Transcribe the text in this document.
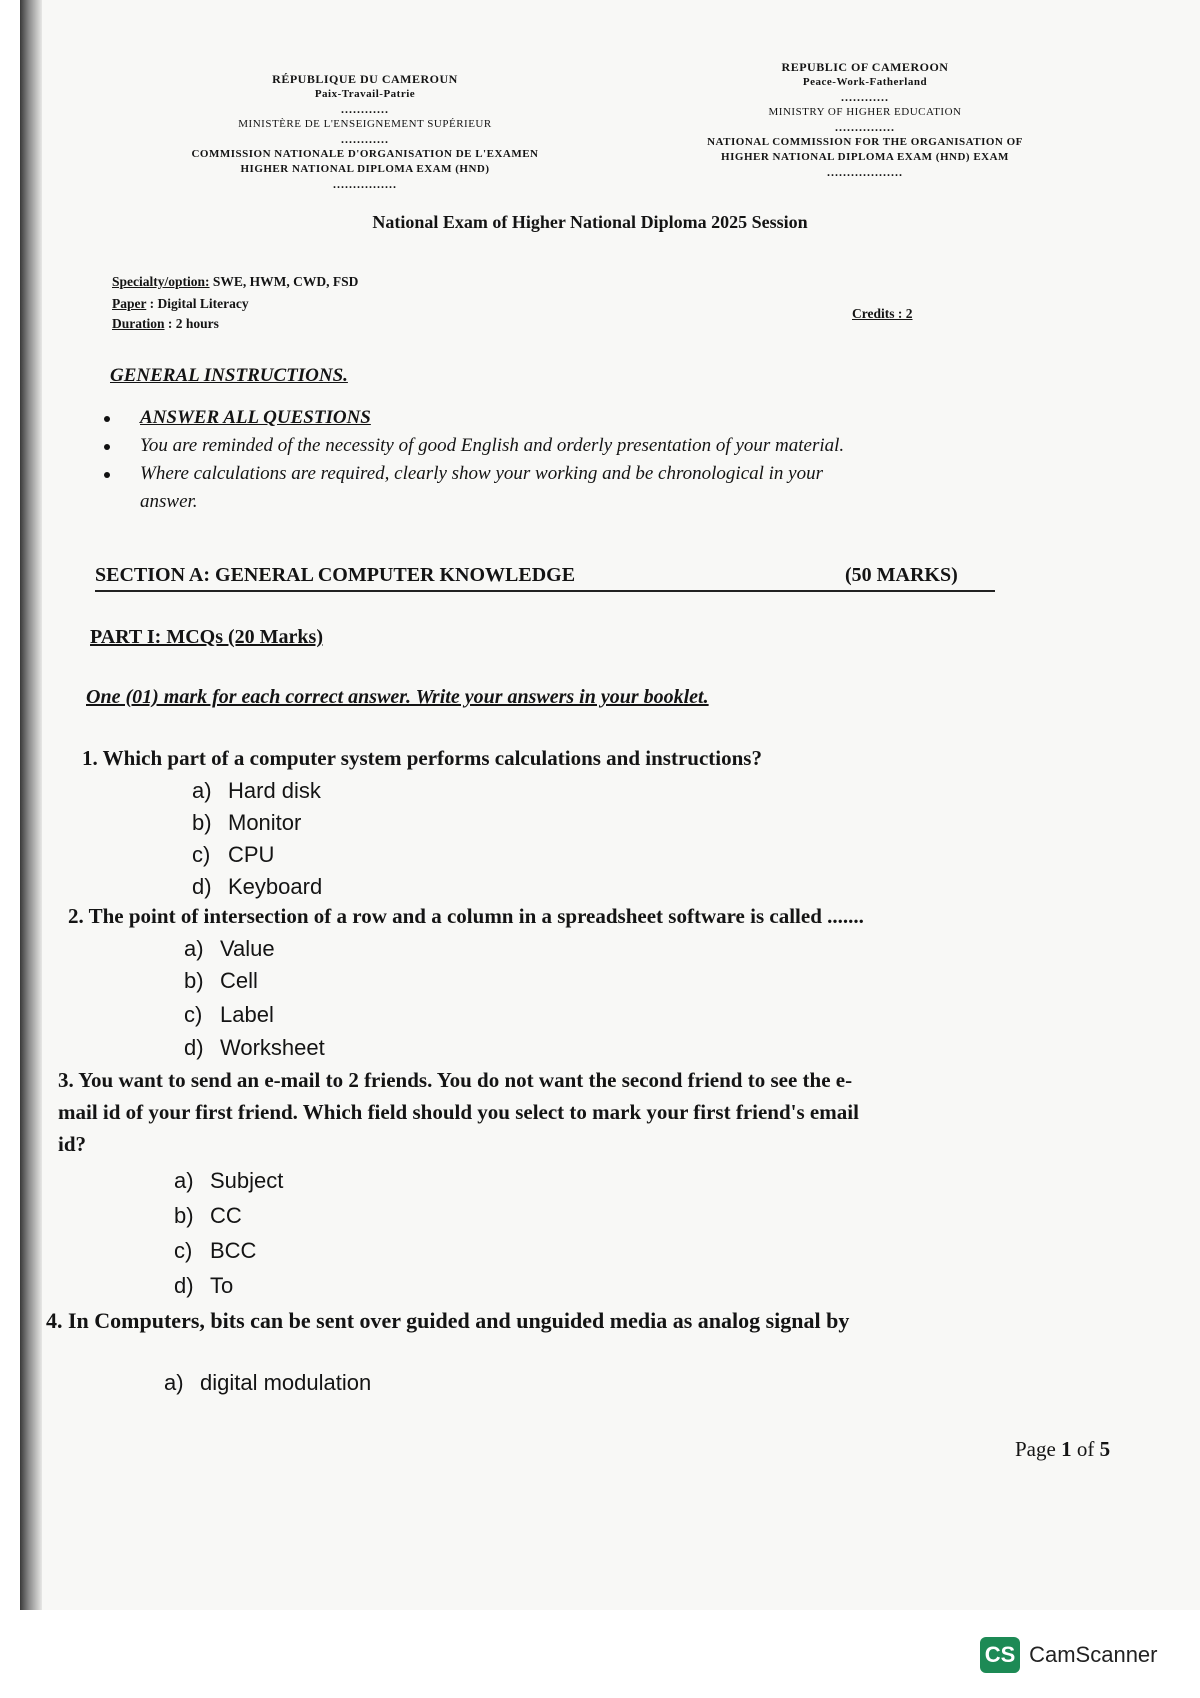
RÉPUBLIQUE DU CAMEROUN
Paix-Travail-Patrie
............
MINISTÈRE DE L'ENSEIGNEMENT SUPÉRIEUR
............
COMMISSION NATIONALE D'ORGANISATION DE L'EXAMEN
HIGHER NATIONAL DIPLOMA EXAM (HND)
................
REPUBLIC OF CAMEROON
Peace-Work-Fatherland
............
MINISTRY OF HIGHER EDUCATION
...............
NATIONAL COMMISSION FOR THE ORGANISATION OF
HIGHER NATIONAL DIPLOMA EXAM (HND) EXAM
...................
National Exam of Higher National Diploma 2025 Session
Specialty/option: SWE, HWM, CWD, FSD
Paper : Digital Literacy
Duration : 2 hours
Credits : 2
GENERAL INSTRUCTIONS.
ANSWER ALL QUESTIONS
You are reminded of the necessity of good English and orderly presentation of your material.
Where calculations are required, clearly show your working and be chronological in your
answer.
SECTION A: GENERAL COMPUTER KNOWLEDGE	(50 MARKS)
PART I: MCQs (20 Marks)
One (01) mark for each correct answer. Write your answers in your booklet.
1. Which part of a computer system performs calculations and instructions?
a) Hard disk
b) Monitor
c) CPU
d) Keyboard
2. The point of intersection of a row and a column in a spreadsheet software is called .......
a) Value
b) Cell
c) Label
d) Worksheet
3. You want to send an e-mail to 2 friends. You do not want the second friend to see the e-
mail id of your first friend. Which field should you select to mark your first friend's email
id?
a) Subject
b) CC
c) BCC
d) To
4. In Computers, bits can be sent over guided and unguided media as analog signal by
a) digital modulation
Page 1 of 5
CS CamScanner
